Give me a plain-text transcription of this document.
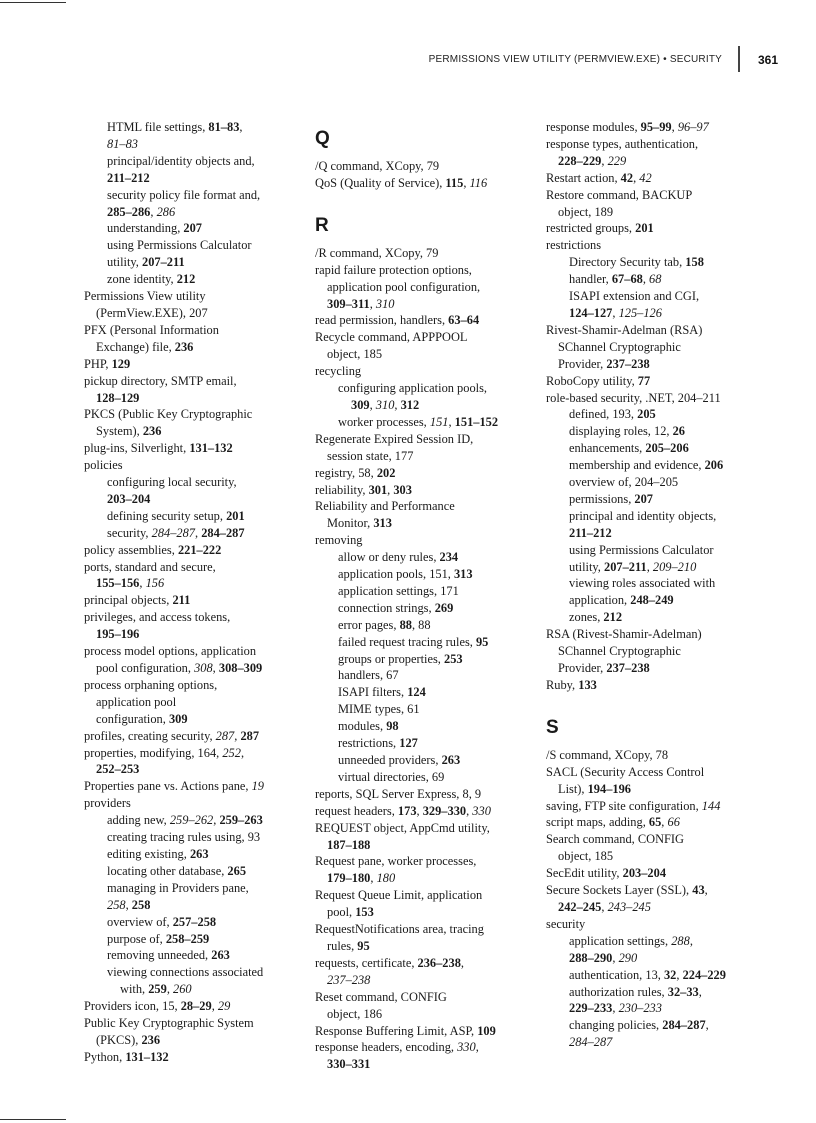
PERMISSIONS VIEW UTILITY (PERMVIEW.EXE) • SECURITY	361
HTML file settings, 81–83,
81–83
principal/identity objects and,
211–212
security policy file format and,
285–286, 286
understanding, 207
using Permissions Calculator
utility, 207–211
zone identity, 212
Permissions View utility
(PermView.EXE), 207
PFX (Personal Information
Exchange) file, 236
PHP, 129
pickup directory, SMTP email,
128–129
PKCS (Public Key Cryptographic
System), 236
plug-ins, Silverlight, 131–132
policies
configuring local security,
203–204
defining security setup, 201
security, 284–287, 284–287
policy assemblies, 221–222
ports, standard and secure,
155–156, 156
principal objects, 211
privileges, and access tokens,
195–196
process model options, application
pool configuration, 308, 308–309
process orphaning options,
application pool
configuration, 309
profiles, creating security, 287, 287
properties, modifying, 164, 252,
252–253
Properties pane vs. Actions pane, 19
providers
adding new, 259–262, 259–263
creating tracing rules using, 93
editing existing, 263
locating other database, 265
managing in Providers pane,
258, 258
overview of, 257–258
purpose of, 258–259
removing unneeded, 263
viewing connections associated
with, 259, 260
Providers icon, 15, 28–29, 29
Public Key Cryptographic System
(PKCS), 236
Python, 131–132
Q
/Q command, XCopy, 79
QoS (Quality of Service), 115, 116
R
/R command, XCopy, 79
rapid failure protection options,
application pool configuration,
309–311, 310
read permission, handlers, 63–64
Recycle command, APPPOOL
object, 185
recycling
configuring application pools,
309, 310, 312
worker processes, 151, 151–152
Regenerate Expired Session ID,
session state, 177
registry, 58, 202
reliability, 301, 303
Reliability and Performance
Monitor, 313
removing
allow or deny rules, 234
application pools, 151, 313
application settings, 171
connection strings, 269
error pages, 88, 88
failed request tracing rules, 95
groups or properties, 253
handlers, 67
ISAPI filters, 124
MIME types, 61
modules, 98
restrictions, 127
unneeded providers, 263
virtual directories, 69
reports, SQL Server Express, 8, 9
request headers, 173, 329–330, 330
REQUEST object, AppCmd utility,
187–188
Request pane, worker processes,
179–180, 180
Request Queue Limit, application
pool, 153
RequestNotifications area, tracing
rules, 95
requests, certificate, 236–238,
237–238
Reset command, CONFIG
object, 186
Response Buffering Limit, ASP, 109
response headers, encoding, 330,
330–331
response modules, 95–99, 96–97
response types, authentication,
228–229, 229
Restart action, 42, 42
Restore command, BACKUP
object, 189
restricted groups, 201
restrictions
Directory Security tab, 158
handler, 67–68, 68
ISAPI extension and CGI,
124–127, 125–126
Rivest-Shamir-Adelman (RSA)
SChannel Cryptographic
Provider, 237–238
RoboCopy utility, 77
role-based security, .NET, 204–211
defined, 193, 205
displaying roles, 12, 26
enhancements, 205–206
membership and evidence, 206
overview of, 204–205
permissions, 207
principal and identity objects,
211–212
using Permissions Calculator
utility, 207–211, 209–210
viewing roles associated with
application, 248–249
zones, 212
RSA (Rivest-Shamir-Adelman)
SChannel Cryptographic
Provider, 237–238
Ruby, 133
S
/S command, XCopy, 78
SACL (Security Access Control
List), 194–196
saving, FTP site configuration, 144
script maps, adding, 65, 66
Search command, CONFIG
object, 185
SecEdit utility, 203–204
Secure Sockets Layer (SSL), 43,
242–245, 243–245
security
application settings, 288,
288–290, 290
authentication, 13, 32, 224–229
authorization rules, 32–33,
229–233, 230–233
changing policies, 284–287,
284–287
